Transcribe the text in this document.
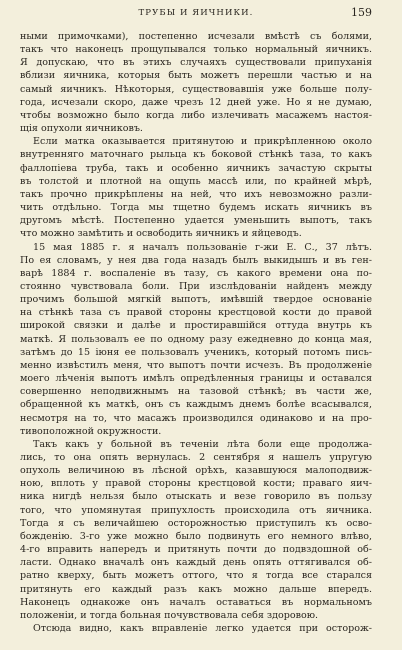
ТРУБЫ И ЯИЧНИКИ.	159
ными примочками), постепенно исчезали вмѣстѣ съ болями,
такъ что наконецъ прощупывался только нормальный яичникъ.
Я допускаю, что въ этихъ случаяхъ существовали припуханія
вблизи яичника, которыя быть можетъ перешли частью и на
самый яичникъ. Нѣкоторыя, существовавшія уже больше полу-
года, исчезали скоро, даже чрезъ 12 дней уже. Но я не думаю,
чтобы возможно было когда либо излечивать масажемъ настоя-
щія опухоли яичниковъ.
Если матка оказывается притянутою и прикрѣпленною около
внутренняго маточнаго рыльца къ боковой стѣнкѣ таза, то какъ
фаллопіева труба, такъ и особенно яичникъ зачастую скрыты
въ толстой и плотной на ощупь массѣ или, по крайней мѣрѣ,
такъ прочно прикрѣплены на ней, что ихъ невозможно разли-
чить отдѣльно. Тогда мы тщетно будемъ искать яичникъ въ
другомъ мѣстѣ. Постепенно удается уменьшить выпотъ, такъ
что можно замѣтить и освободить яичникъ и яйцеводъ.
15 мая 1885 г. я началъ пользованіе г-жи Е. С., 37 лѣтъ.
По ея словамъ, у нея два года назадъ былъ выкидышъ и въ ген-
варѣ 1884 г. воспаленіе въ тазу, съ какого времени она по-
стоянно чувствовала боли. При изслѣдованіи найденъ между
прочимъ большой мягкій выпотъ, имѣвшій твердое основаніе
на стѣнкѣ таза съ правой стороны крестцовой кости до правой
широкой связки и далѣе и простиравшійся оттуда внутрь къ
маткѣ. Я пользовалъ ее по одному разу ежедневно до конца мая,
затѣмъ до 15 іюня ее пользовалъ ученикъ, который потомъ пись-
менно извѣстилъ меня, что выпотъ почти исчезъ. Въ продолженіе
моего лѣченія выпотъ имѣлъ опредѣленныя границы и оставался
совершенно неподвижнымъ на тазовой стѣнкѣ; въ части же,
обращенной къ маткѣ, онъ съ каждымъ днемъ болѣе всасывался,
несмотря на то, что масажъ производился одинаково и на про-
тивоположной окружности.
Такъ какъ у больной въ теченіи лѣта боли еще продолжа-
лись, то она опять вернулась. 2 сентября я нашелъ упругую
опухоль величиною въ лѣсной орѣхъ, казавшуюся малоподвиж-
ною, вплоть у правой стороны крестцовой кости; праваго яич-
ника нигдѣ нельзя было отыскать и везе говорило въ пользу
того, что упомянутая припухлость происходила отъ яичника.
Тогда я съ величайшею осторожностью приступилъ къ осво-
божденію. 3-го уже можно было подвинуть его немного влѣво,
4-го вправить напередъ и притянуть почти до подвздошной об-
ласти. Однако вначалѣ онъ каждый день опять оттягивался об-
ратно кверху, быть можетъ оттого, что я тогда все старался
притянуть его каждый разъ какъ можно дальше впередъ.
Наконецъ однакоже онъ началъ оставаться въ нормальномъ
положеніи, и тогда больная почувствовала себя здоровою.
Отсюда видно, какъ вправленіе легко удается при осторож-
